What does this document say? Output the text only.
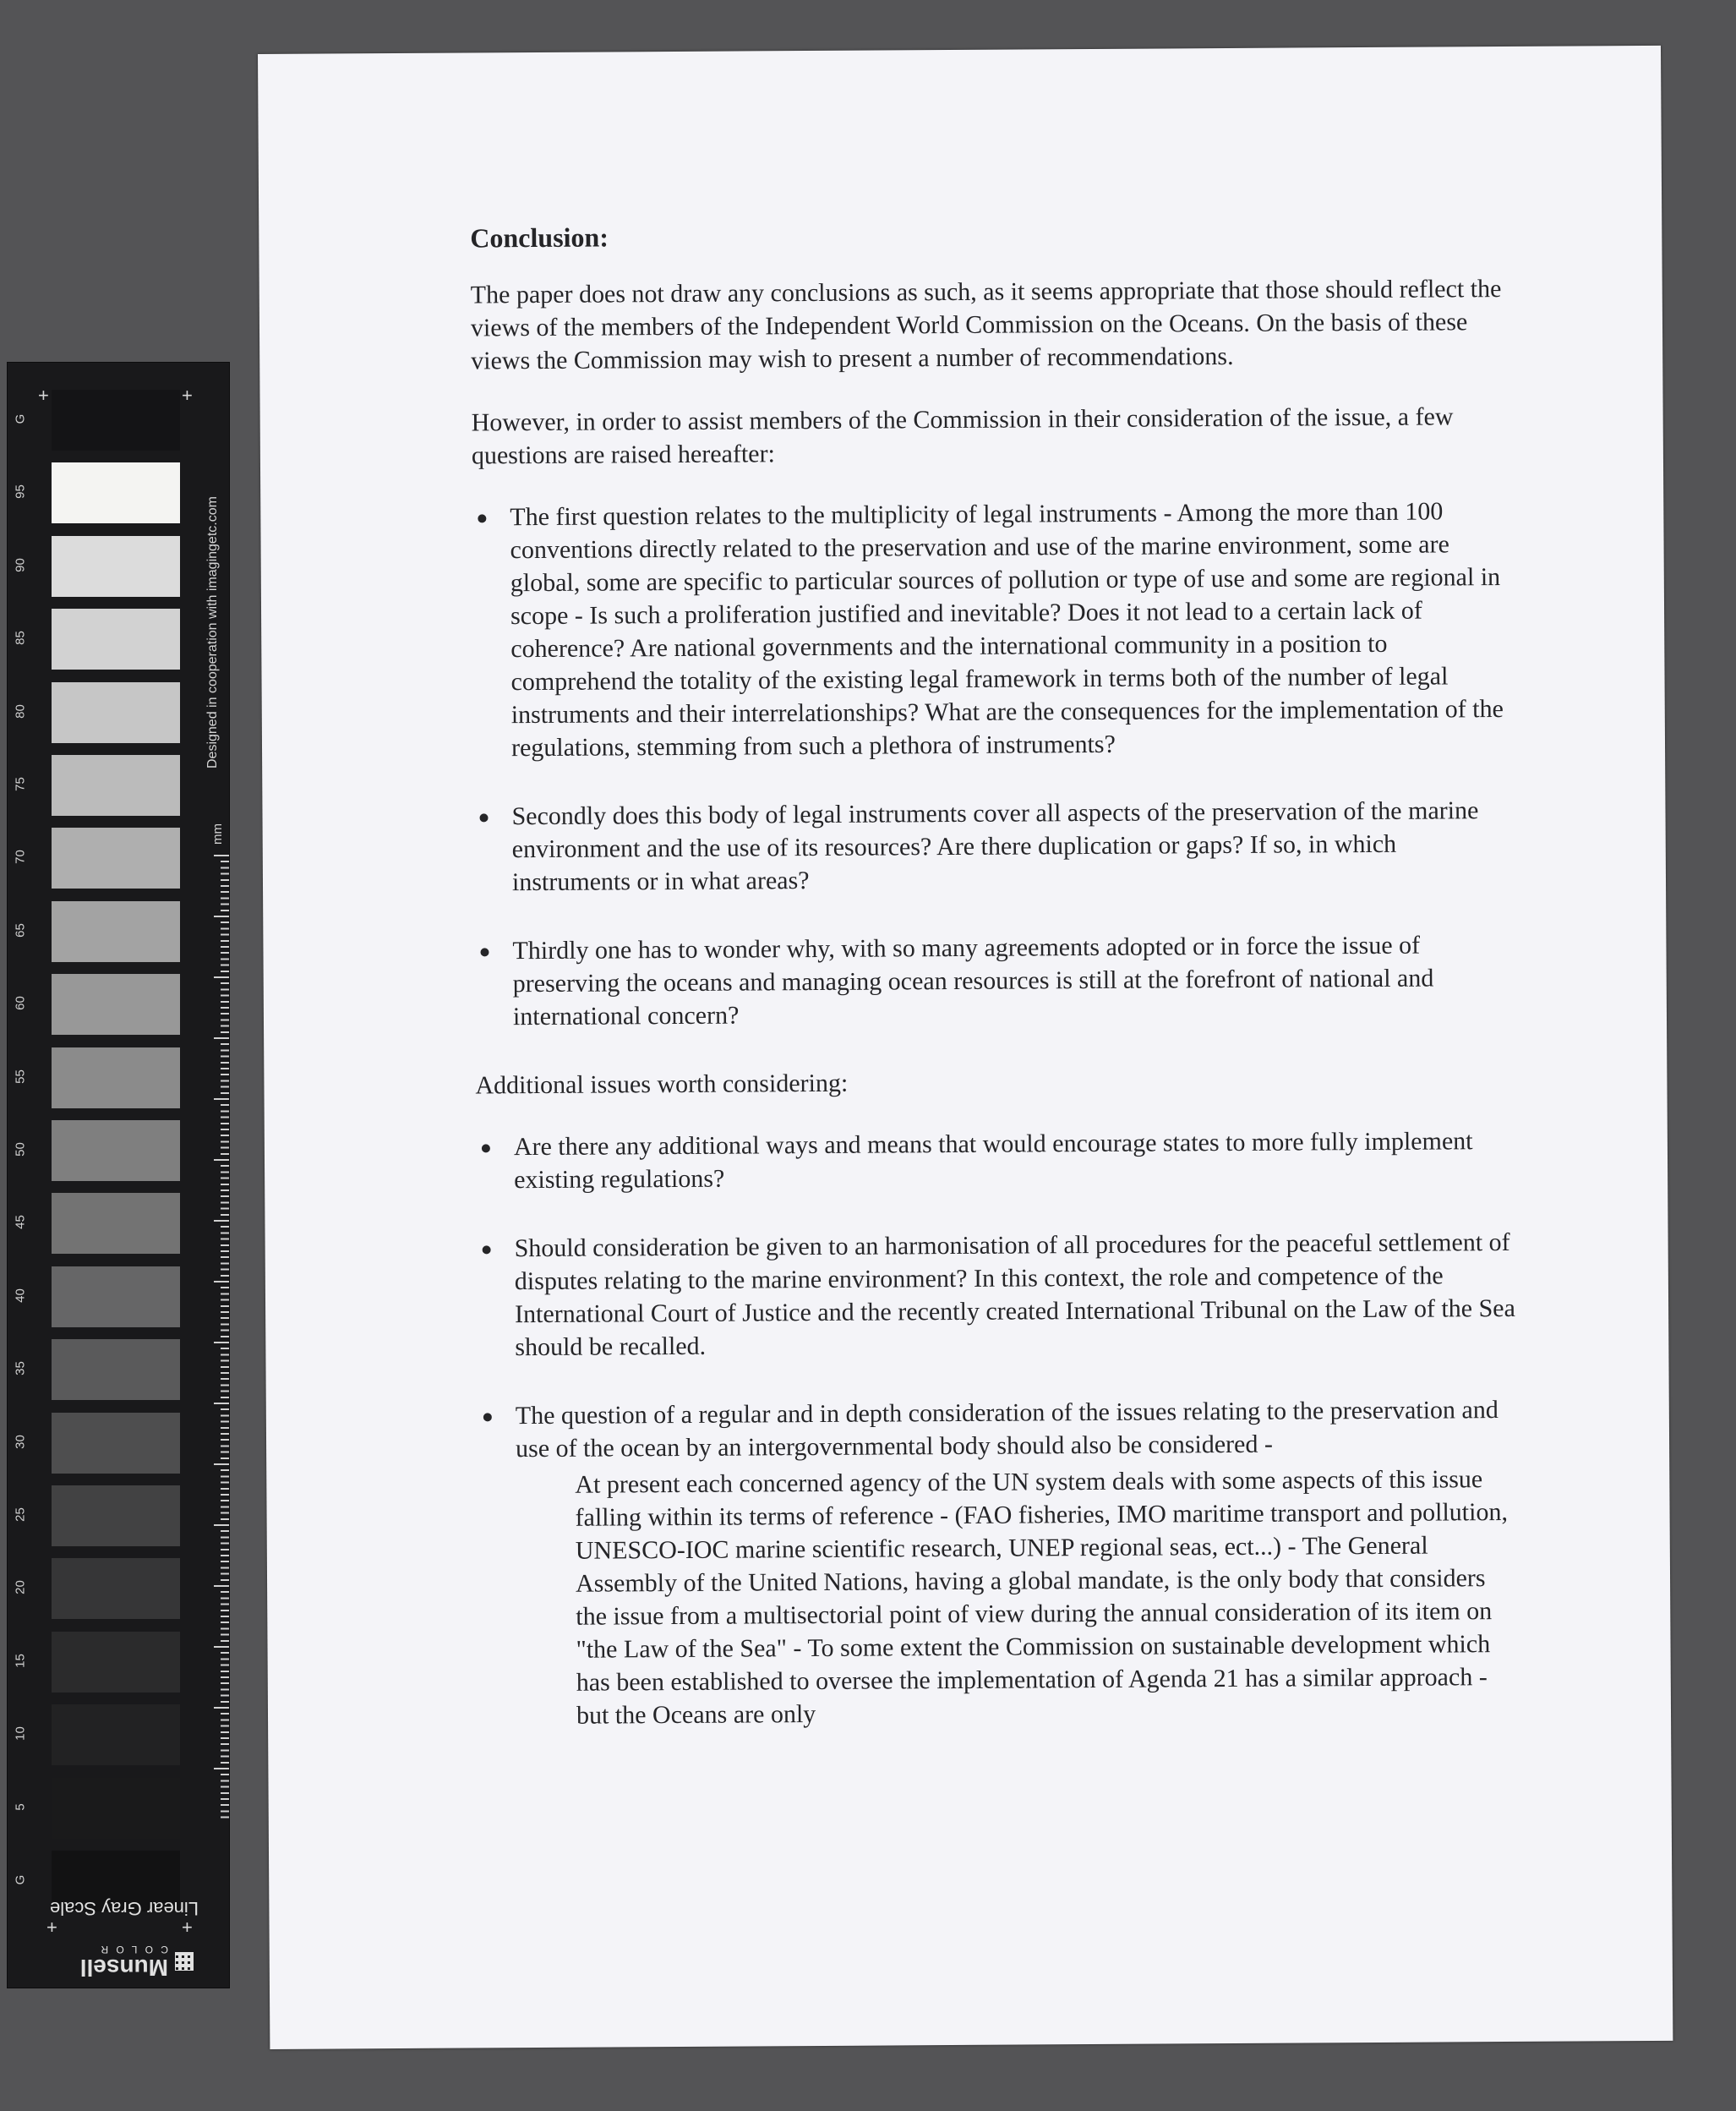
Conclusion:

The paper does not draw any conclusions as such, as it seems appropriate that those should reflect the views of the members of the Independent World Commission on the Oceans. On the basis of these views the Commission may wish to present a number of recommendations.

However, in order to assist members of the Commission in their consideration of the issue, a few questions are raised hereafter:

The first question relates to the multiplicity of legal instruments - Among the more than 100 conventions directly related to the preservation and use of the marine environment, some are global, some are specific to particular sources of pollution or type of use and some are regional in scope - Is such a proliferation justified and inevitable? Does it not lead to a certain lack of coherence? Are national governments and the international community in a position to comprehend the totality of the existing legal framework in terms both of the number of legal instruments and their interrelationships? What are the consequences for the implementation of the regulations, stemming from such a plethora of instruments?
Secondly does this body of legal instruments cover all aspects of the preservation of the marine environment and the use of its resources? Are there duplication or gaps? If so, in which instruments or in what areas?
Thirdly one has to wonder why, with so many agreements adopted or in force the issue of preserving the oceans and managing ocean resources is still at the forefront of national and international concern?

Additional issues worth considering:

Are there any additional ways and means that would encourage states to more fully implement existing regulations?
Should consideration be given to an harmonisation of all procedures for the peaceful settlement of disputes relating to the marine environment? In this context, the role and competence of the International Court of Justice and the recently created International Tribunal on the Law of the Sea should be recalled.
The question of a regular and in depth consideration of the issues relating to the preservation and use of the ocean by an intergovernmental body should also be considered -
At present each concerned agency of the UN system deals with some aspects of this issue falling within its terms of reference - (FAO fisheries, IMO maritime transport and pollution, UNESCO-IOC marine scientific research, UNEP regional seas, ect...) - The General Assembly of the United Nations, having a global mandate, is the only body that considers the issue from a multisectorial point of view during the annual consideration of its item on "the Law of the Sea" - To some extent the Commission on sustainable development which has been established to oversee the implementation of Agenda 21 has a similar approach - but the Oceans are only
+	+
+	+
G
95
90
85
80
75
70
65
60
55
50
45
40
35
30
25
20
15
10
5
G
mm
Designed in cooperation with imagingetc.com
Linear Gray Scale
Munsell
C O L O R
